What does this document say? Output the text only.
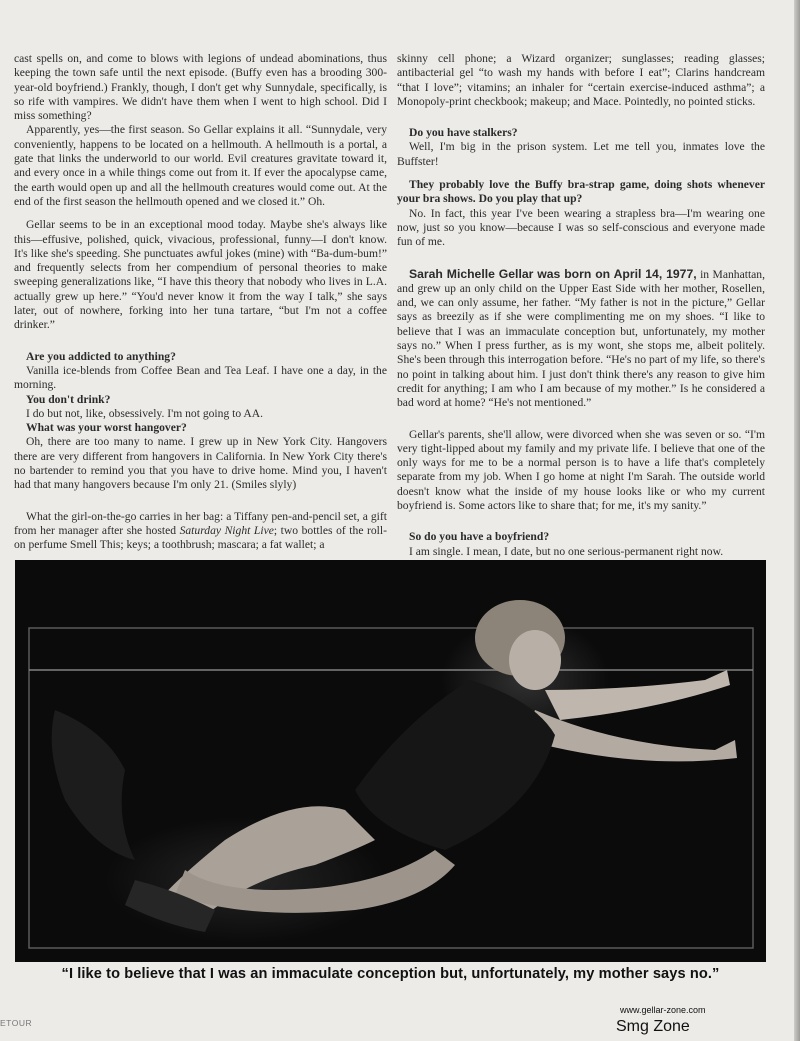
cast spells on, and come to blows with legions of undead abominations, thus keeping the town safe until the next episode. (Buffy even has a brooding 300-year-old boyfriend.) Frankly, though, I don't get why Sunnydale, specifically, is so rife with vampires. We didn't have them when I went to high school. Did I miss something?

Apparently, yes—the first season. So Gellar explains it all. “Sunnydale, very conveniently, happens to be located on a hellmouth. A hellmouth is a portal, a gate that links the underworld to our world. Evil creatures gravitate toward it, and every once in a while things come out from it. If ever the apocalypse came, the earth would open up and all the hellmouth creatures would come out. At the end of the first season the hellmouth opened and we closed it.” Oh.

Gellar seems to be in an exceptional mood today. Maybe she's always like this—effusive, polished, quick, vivacious, professional, funny—I don't know. It's like she's speeding. She punctuates awful jokes (mine) with “Ba-dum-bum!” and frequently selects from her compendium of personal theories to make sweeping generalizations like, “I have this theory that nobody who lives in L.A. actually grew up here.” “You'd never know it from the way I talk,” she says later, out of nowhere, forking into her tuna tartare, “but I'm not a coffee drinker.”

Are you addicted to anything?

Vanilla ice-blends from Coffee Bean and Tea Leaf. I have one a day, in the morning.

You don't drink?

I do but not, like, obsessively. I'm not going to AA.

What was your worst hangover?

Oh, there are too many to name. I grew up in New York City. Hangovers there are very different from hangovers in California. In New York City there's no bartender to remind you that you have to drive home. Mind you, I haven't had that many hangovers because I'm only 21. (Smiles slyly)

What the girl-on-the-go carries in her bag: a Tiffany pen-and-pencil set, a gift from her manager after she hosted Saturday Night Live; two bottles of the roll-on perfume Smell This; keys; a toothbrush; mascara; a fat wallet; a

skinny cell phone; a Wizard organizer; sunglasses; reading glasses; antibacterial gel “to wash my hands with before I eat”; Clarins handcream “that I love”; vitamins; an inhaler for “certain exercise-induced asthma”; a Monopoly-print checkbook; makeup; and Mace. Pointedly, no pointed sticks.

Do you have stalkers?

Well, I'm big in the prison system. Let me tell you, inmates love the Buffster!

They probably love the Buffy bra-strap game, doing shots whenever your bra shows. Do you play that up?

No. In fact, this year I've been wearing a strapless bra—I'm wearing one now, just so you know—because I was so self-conscious and everyone made fun of me.

Sarah Michelle Gellar was born on April 14, 1977, in Manhattan, and grew up an only child on the Upper East Side with her mother, Rosellen, and, we can only assume, her father. “My father is not in the picture,” Gellar says as breezily as if she were complimenting me on my shoes. “I like to believe that I was an immaculate conception but, unfortunately, my mother says no.” When I press further, as is my wont, she stops me, albeit politely. She's been through this interrogation before. “He's no part of my life, so there's no point in talking about him. I just don't think there's any reason to give him credit for anything; I am who I am because of my mother.” Is he considered a bad word at home? “He's not mentioned.”

Gellar's parents, she'll allow, were divorced when she was seven or so. “I'm very tight-lipped about my family and my private life. I believe that one of the only ways for me to be a normal person is to have a life that's completely separate from my job. When I go home at night I'm Sarah. The outside world doesn't know what the inside of my house looks like or who my current boyfriend is. Some actors like to share that; for me, it's my sanity.”

So do you have a boyfriend?

I am single. I mean, I date, but no one serious-permanent right now.

“I like to believe that I was an immaculate conception but, unfortunately, my mother says no.”
ETOUR
www.gellar-zone.com
Smg Zone
